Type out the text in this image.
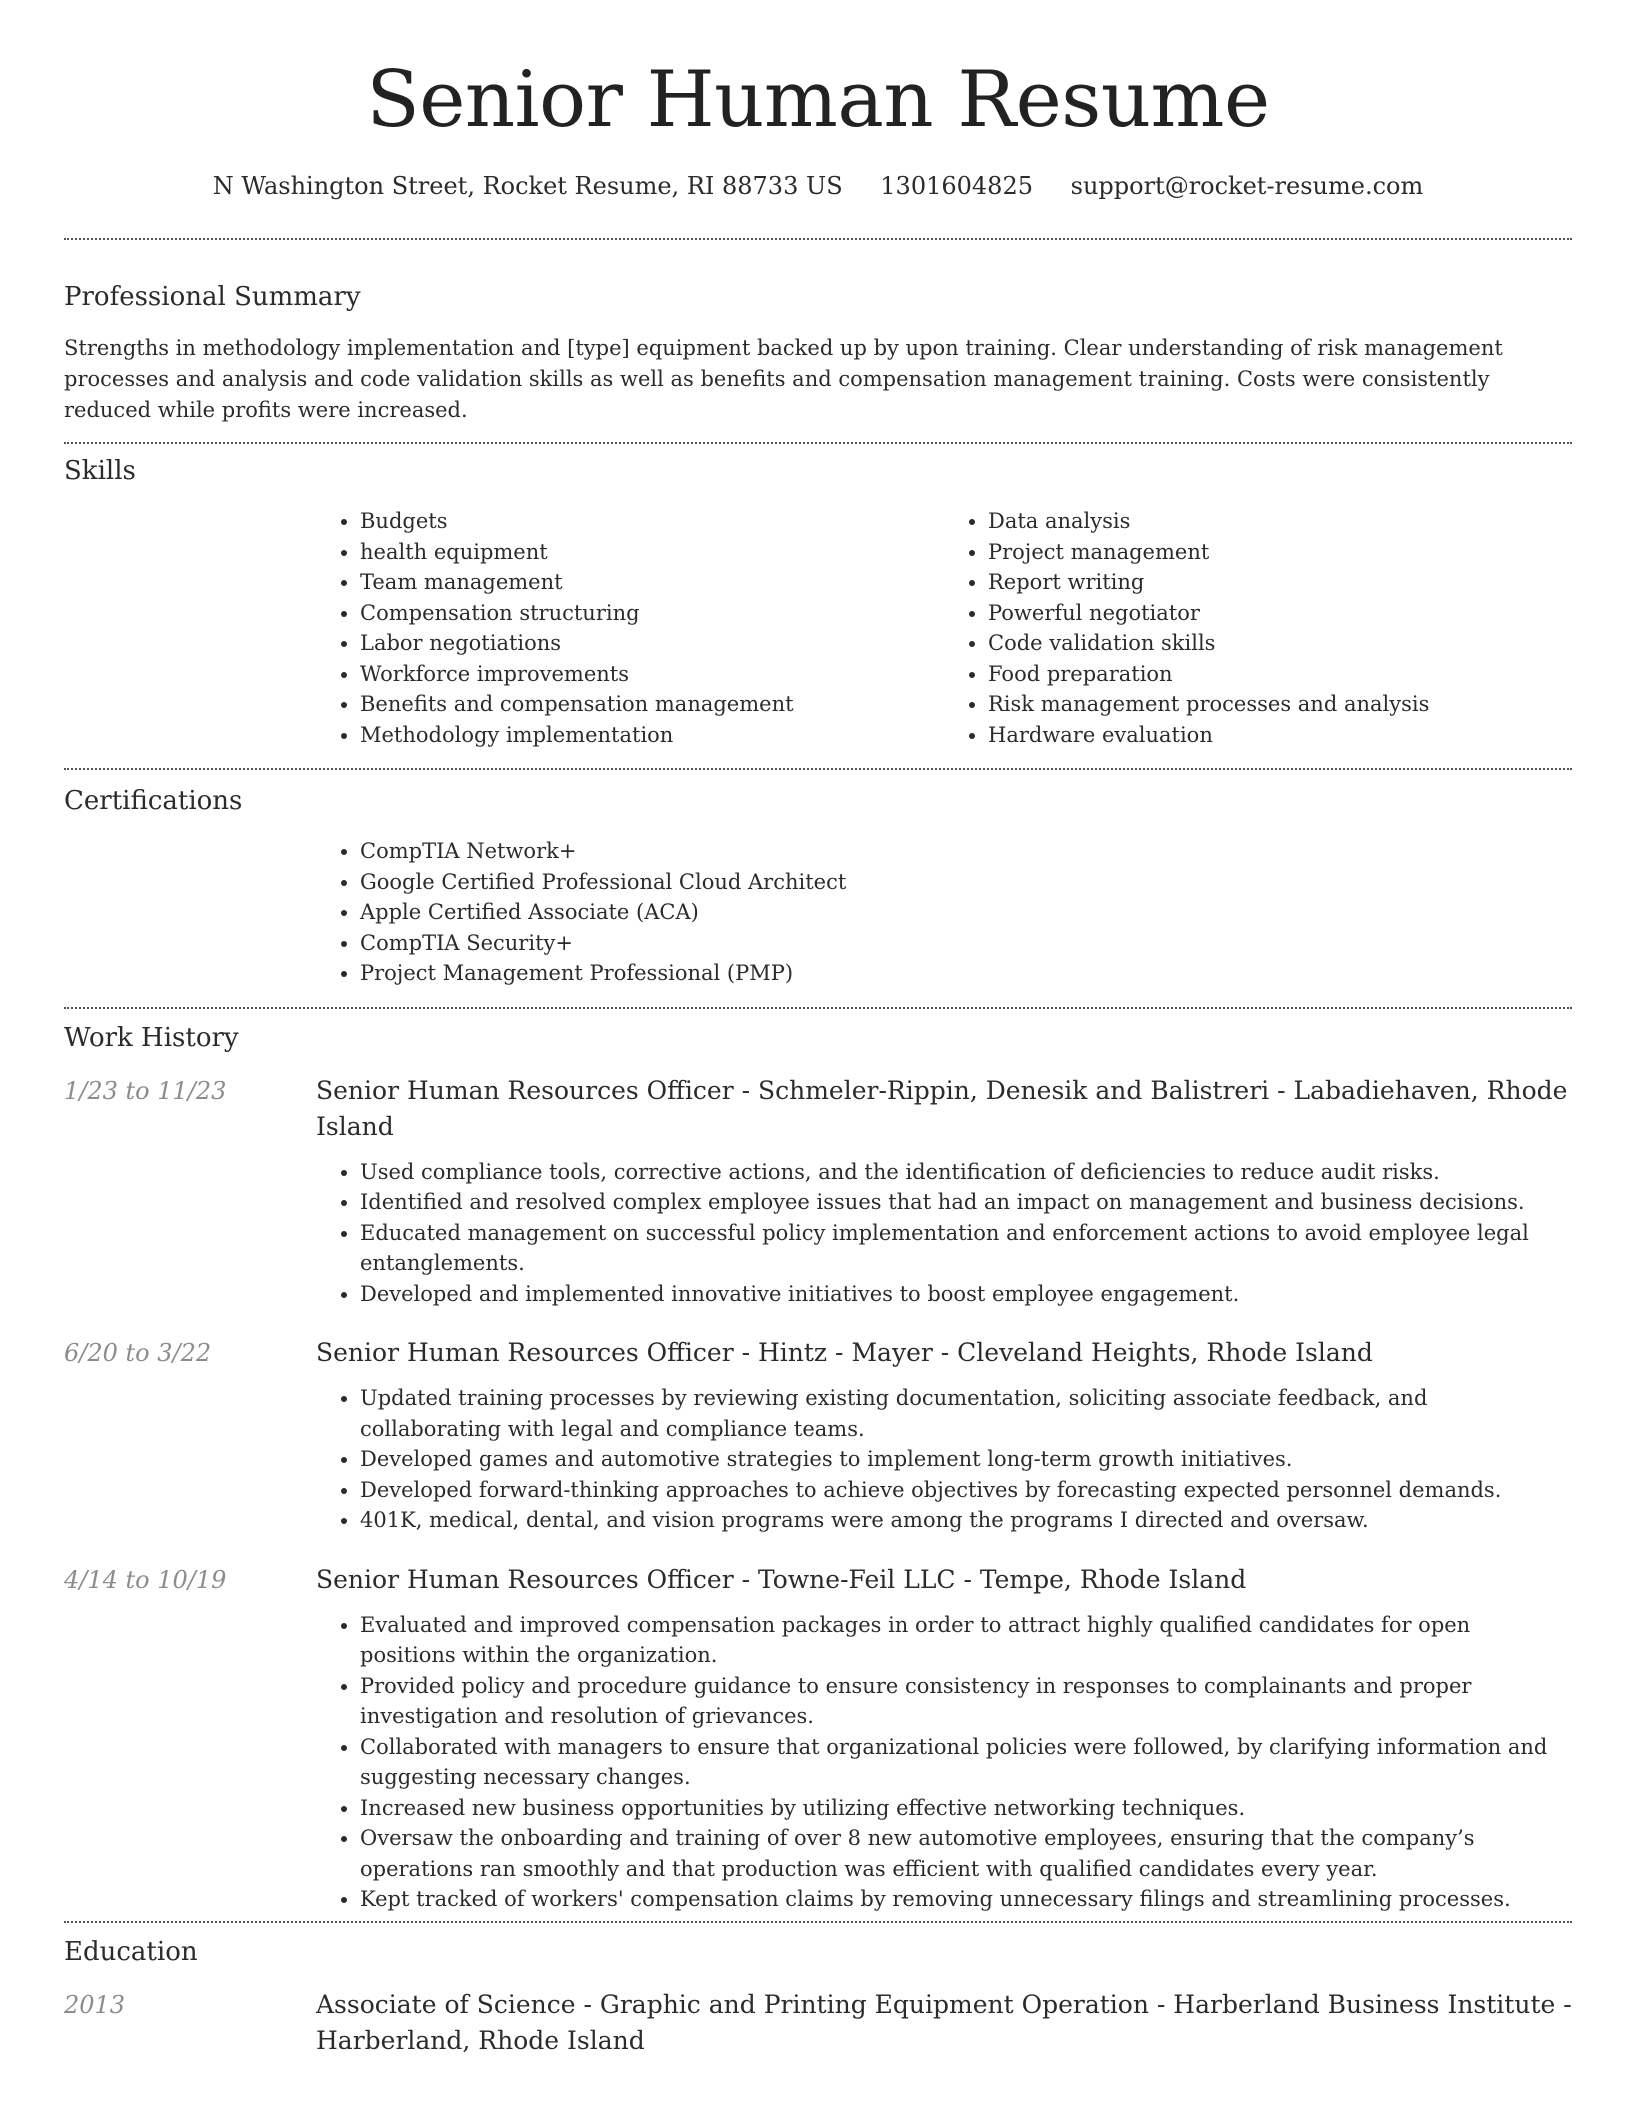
Senior Human Resume
N Washington Street, Rocket Resume, RI 88733 US 1301604825 support@rocket-resume.com
Professional Summary

Strengths in methodology implementation and [type] equipment backed up by upon training. Clear understanding of risk management processes and analysis and code validation skills as well as benefits and compensation management training. Costs were consistently reduced while profits were increased.

Skills
• Budgets
• health equipment
• Team management
• Compensation structuring
• Labor negotiations
• Workforce improvements
• Benefits and compensation management
• Methodology implementation
• Data analysis
• Project management
• Report writing
• Powerful negotiator
• Code validation skills
• Food preparation
• Risk management processes and analysis
• Hardware evaluation
Certifications
• CompTIA Network+
• Google Certified Professional Cloud Architect
• Apple Certified Associate (ACA)
• CompTIA Security+
• Project Management Professional (PMP)
Work History
1/23 to 11/23	Senior Human Resources Officer - Schmeler-Rippin, Denesik and Balistreri - Labadiehaven, Rhode Island
• Used compliance tools, corrective actions, and the identification of deficiencies to reduce audit risks.
• Identified and resolved complex employee issues that had an impact on management and business decisions.
• Educated management on successful policy implementation and enforcement actions to avoid employee legal entanglements.
• Developed and implemented innovative initiatives to boost employee engagement.
6/20 to 3/22	Senior Human Resources Officer - Hintz - Mayer - Cleveland Heights, Rhode Island
• Updated training processes by reviewing existing documentation, soliciting associate feedback, and collaborating with legal and compliance teams.
• Developed games and automotive strategies to implement long-term growth initiatives.
• Developed forward-thinking approaches to achieve objectives by forecasting expected personnel demands.
• 401K, medical, dental, and vision programs were among the programs I directed and oversaw.
4/14 to 10/19	Senior Human Resources Officer - Towne-Feil LLC - Tempe, Rhode Island
• Evaluated and improved compensation packages in order to attract highly qualified candidates for open positions within the organization.
• Provided policy and procedure guidance to ensure consistency in responses to complainants and proper investigation and resolution of grievances.
• Collaborated with managers to ensure that organizational policies were followed, by clarifying information and suggesting necessary changes.
• Increased new business opportunities by utilizing effective networking techniques.
• Oversaw the onboarding and training of over 8 new automotive employees, ensuring that the company’s operations ran smoothly and that production was efficient with qualified candidates every year.
• Kept tracked of workers' compensation claims by removing unnecessary filings and streamlining processes.
Education
2013	Associate of Science - Graphic and Printing Equipment Operation - Harberland Business Institute - Harberland, Rhode Island
